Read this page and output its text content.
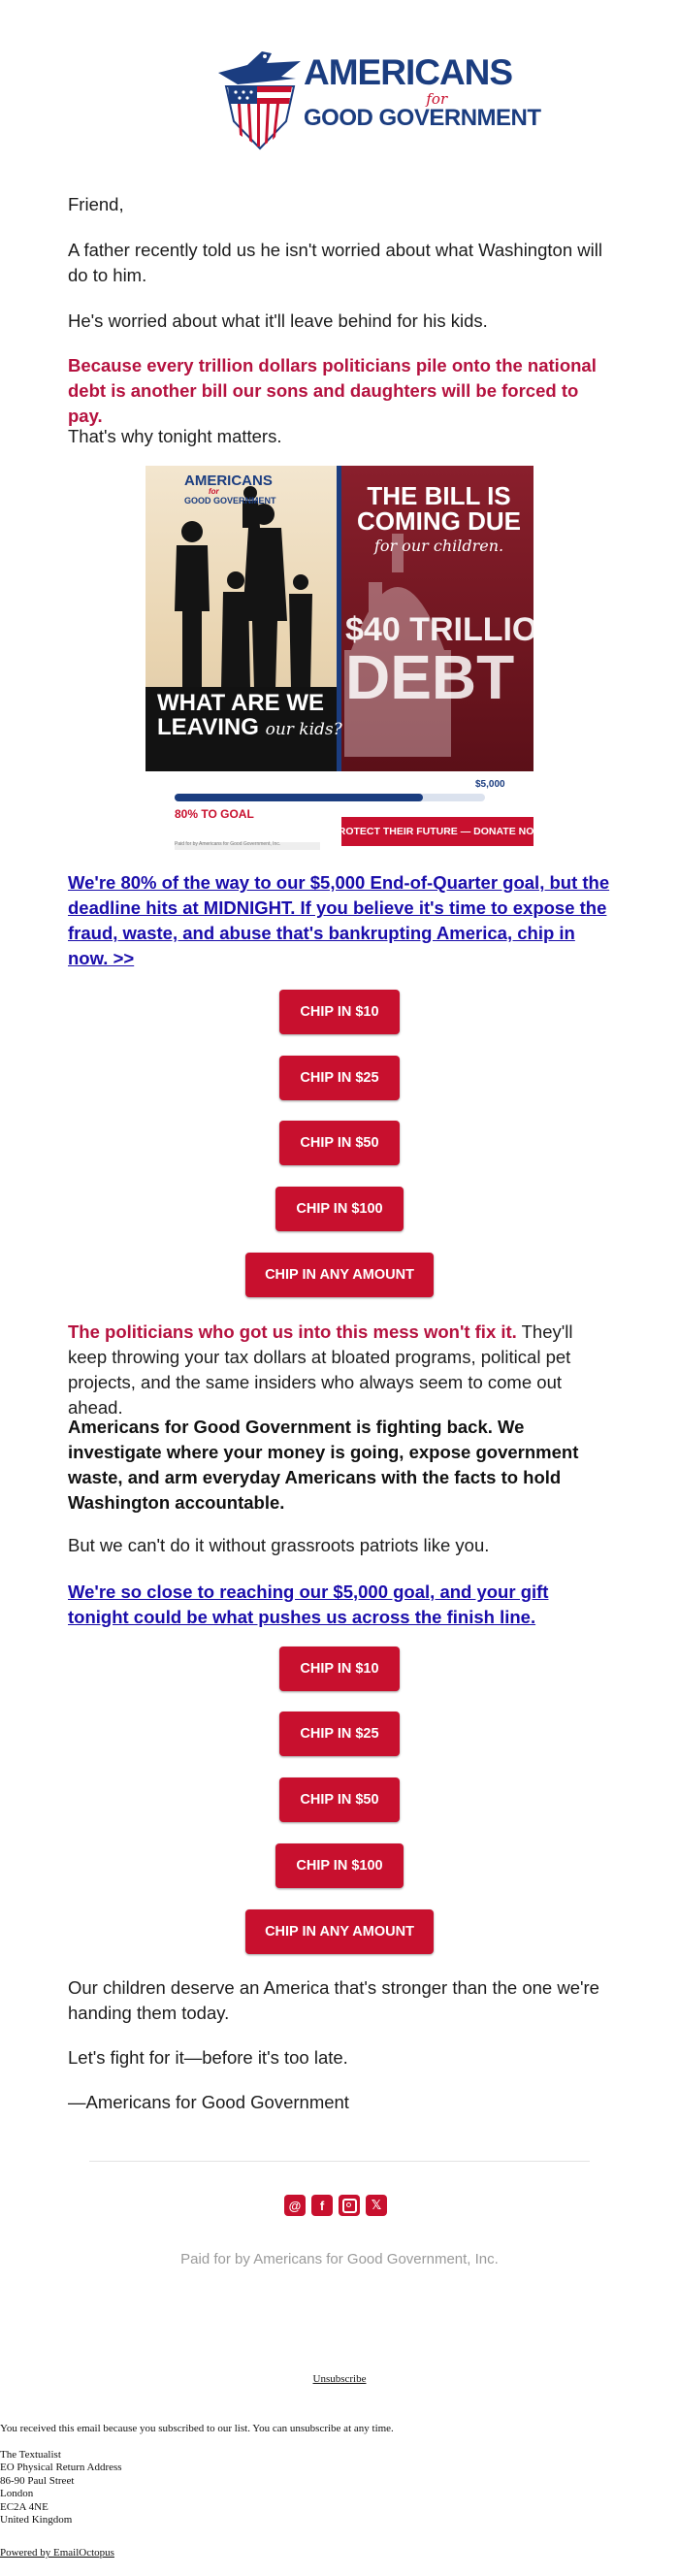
AMERICANS
for
GOOD GOVERNMENT

Friend,

A father recently told us he isn't worried about what Washington will do to him.

He's worried about what it'll leave behind for his kids.

Because every trillion dollars politicians pile onto the national debt is another bill our sons and daughters will be forced to pay.

That's why tonight matters.

AMERICANS
for
GOOD GOVERNMENT
WHAT ARE WE
LEAVING our kids?
THE BILL IS
COMING DUE
for our children.
$40 TRILLION
DEBT
$5,000
80% TO GOAL
PROTECT THEIR FUTURE — DONATE NOW
Paid for by Americans for Good Government, Inc.

We're 80% of the way to our $5,000 End-of-Quarter goal, but the deadline hits at MIDNIGHT. If you believe it's time to expose the fraud, waste, and abuse that's bankrupting America, chip in now. >>

CHIP IN $10
CHIP IN $25
CHIP IN $50
CHIP IN $100
CHIP IN ANY AMOUNT

The politicians who got us into this mess won't fix it. They'll keep throwing your tax dollars at bloated programs, political pet projects, and the same insiders who always seem to come out ahead.

Americans for Good Government is fighting back. We investigate where your money is going, expose government waste, and arm everyday Americans with the facts to hold Washington accountable.

But we can't do it without grassroots patriots like you.

We're so close to reaching our $5,000 goal, and your gift tonight could be what pushes us across the finish line.

CHIP IN $10
CHIP IN $25
CHIP IN $50
CHIP IN $100
CHIP IN ANY AMOUNT

Our children deserve an America that's stronger than the one we're handing them today.

Let's fight for it—before it's too late.

—Americans for Good Government

@	f	𝕏
Paid for by Americans for Good Government, Inc.
Unsubscribe
You received this email because you subscribed to our list. You can unsubscribe at any time.
The Textualist
EO Physical Return Address
86-90 Paul Street
London
EC2A 4NE
United Kingdom
Powered by EmailOctopus
